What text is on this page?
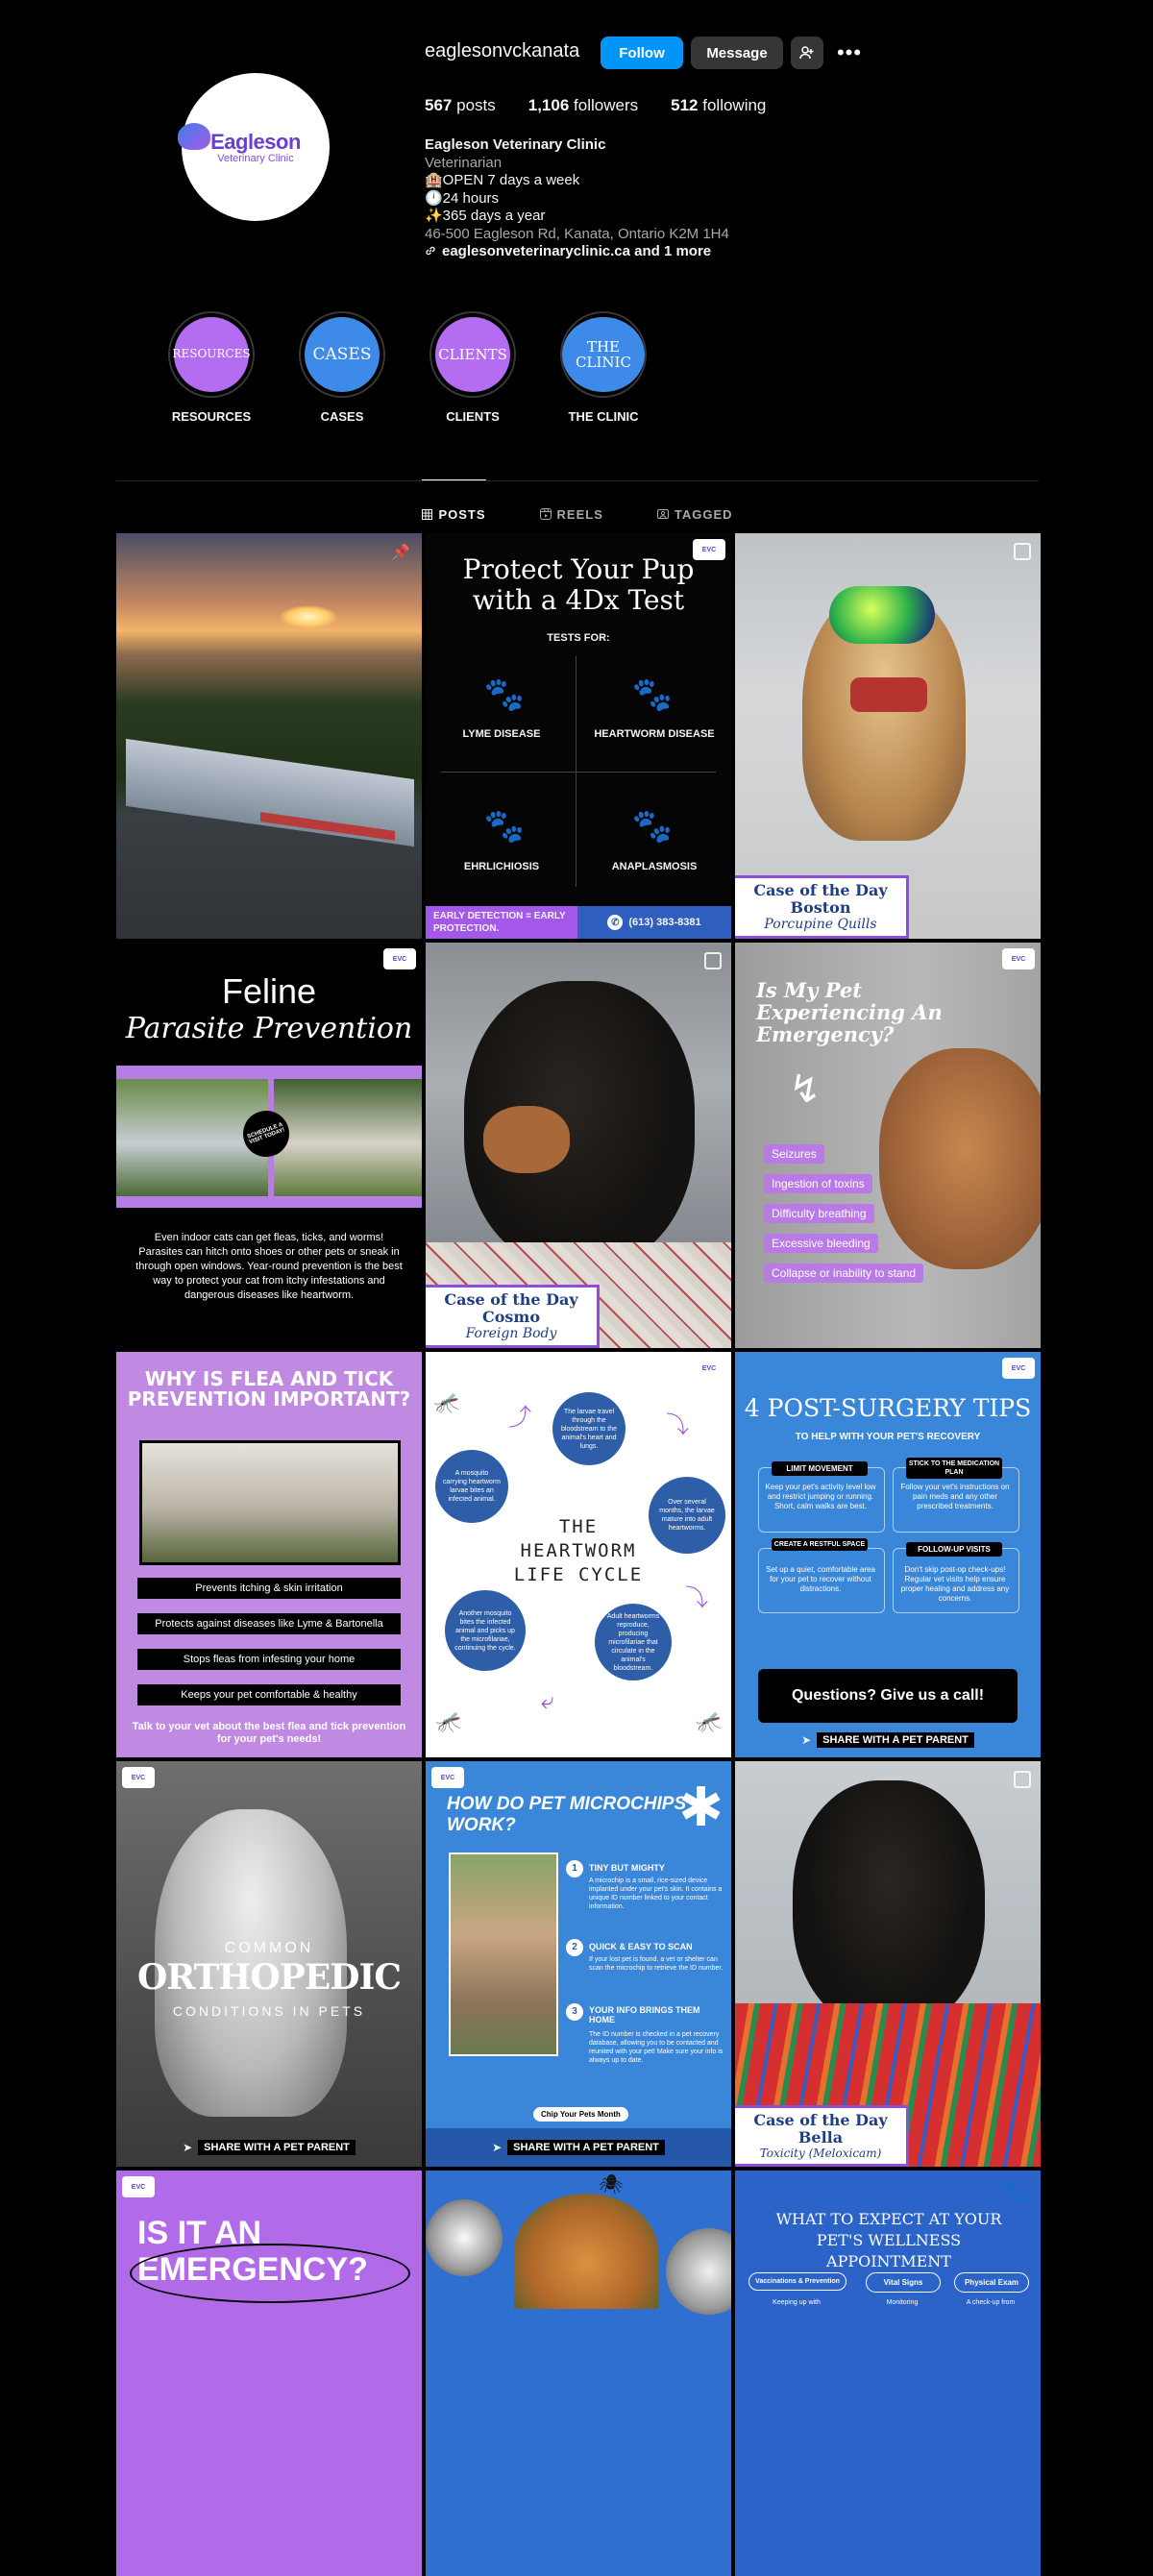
Eagleson
Veterinary Clinic
eaglesonvckanata	Follow	Message	•••
567 posts 1,106 followers 512 following
Eagleson Veterinary Clinic
Veterinarian
🏨OPEN 7 days a week
🕛24 hours
✨365 days a year
46-500 Eagleson Rd, Kanata, Ontario K2M 1H4
eaglesonveterinaryclinic.ca and 1 more
RESOURCES
RESOURCES
CASES
CASES
CLIENTS
CLIENTS
THE CLINIC
THE CLINIC
POSTS	REELS	TAGGED
📌	EVC
Protect Your Pup with a 4Dx Test
TESTS FOR:
🐾
LYME DISEASE
🐾
HEARTWORM DISEASE
🐾
EHRLICHIOSIS
🐾
ANAPLASMOSIS
EARLY DETECTION = EARLY PROTECTION.
✆ (613) 383-8381
Case of the Day
Boston
Porcupine Quills
EVC
Feline
Parasite Prevention
SCHEDULE A VISIT TODAY!
Even indoor cats can get fleas, ticks, and worms! Parasites can hitch onto shoes or other pets or sneak in through open windows. Year-round prevention is the best way to protect your cat from itchy infestations and dangerous diseases like heartworm.	Case of the Day
Cosmo
Foreign Body
EVC
Is My Pet Experiencing An Emergency?
↯
Seizures
Ingestion of toxins
Difficulty breathing
Excessive bleeding
Collapse or inability to stand
WHY IS FLEA AND TICK PREVENTION IMPORTANT?
Prevents itching & skin irritation
Protects against diseases like Lyme & Bartonella
Stops fleas from infesting your home
Keeps your pet comfortable & healthy
Talk to your vet about the best flea and tick prevention for your pet's needs!
EVC
THE HEARTWORM LIFE CYCLE
The larvae travel through the bloodstream to the animal's heart and lungs.
Over several months, the larvae mature into adult heartworms.
Adult heartworms reproduce, producing microfilariae that circulate in the animal's bloodstream.
Another mosquito bites the infected animal and picks up the microfilariae, continuing the cycle.
A mosquito carrying heartworm larvae bites an infected animal.
🦟
🦟
🦟
⤴	⤵
⤵
⤶
EVC
4 POST-SURGERY TIPS
TO HELP WITH YOUR PET'S RECOVERY
LIMIT MOVEMENT
Keep your pet's activity level low and restrict jumping or running. Short, calm walks are best.
STICK TO THE MEDICATION PLAN
Follow your vet's instructions on pain meds and any other prescribed treatments.
CREATE A RESTFUL SPACE
Set up a quiet, comfortable area for your pet to recover without distractions.
FOLLOW-UP VISITS
Don't skip post-op check-ups! Regular vet visits help ensure proper healing and address any concerns.
Questions? Give us a call!
➤	SHARE WITH A PET PARENT
EVC
COMMON
ORTHOPEDIC
CONDITIONS IN PETS
➤	SHARE WITH A PET PARENT
EVC
HOW DO PET MICROCHIPS WORK?	✱
1	TINY BUT MIGHTY
A microchip is a small, rice-sized device implanted under your pet's skin. It contains a unique ID number linked to your contact information.
2	QUICK & EASY TO SCAN
If your lost pet is found, a vet or shelter can scan the microchip to retrieve the ID number.
3	YOUR INFO BRINGS THEM HOME
The ID number is checked in a pet recovery database, allowing you to be contacted and reunited with your pet! Make sure your info is always up to date.
Chip Your Pets Month
➤	SHARE WITH A PET PARENT
Case of the Day
Bella
Toxicity (Meloxicam)
EVC
IS IT AN EMERGENCY?
🕷	🐾
WHAT TO EXPECT AT YOUR PET'S WELLNESS APPOINTMENT
Vaccinations & Prevention	Vital Signs	Physical Exam
Keeping up with	Monitoring	A check-up from
